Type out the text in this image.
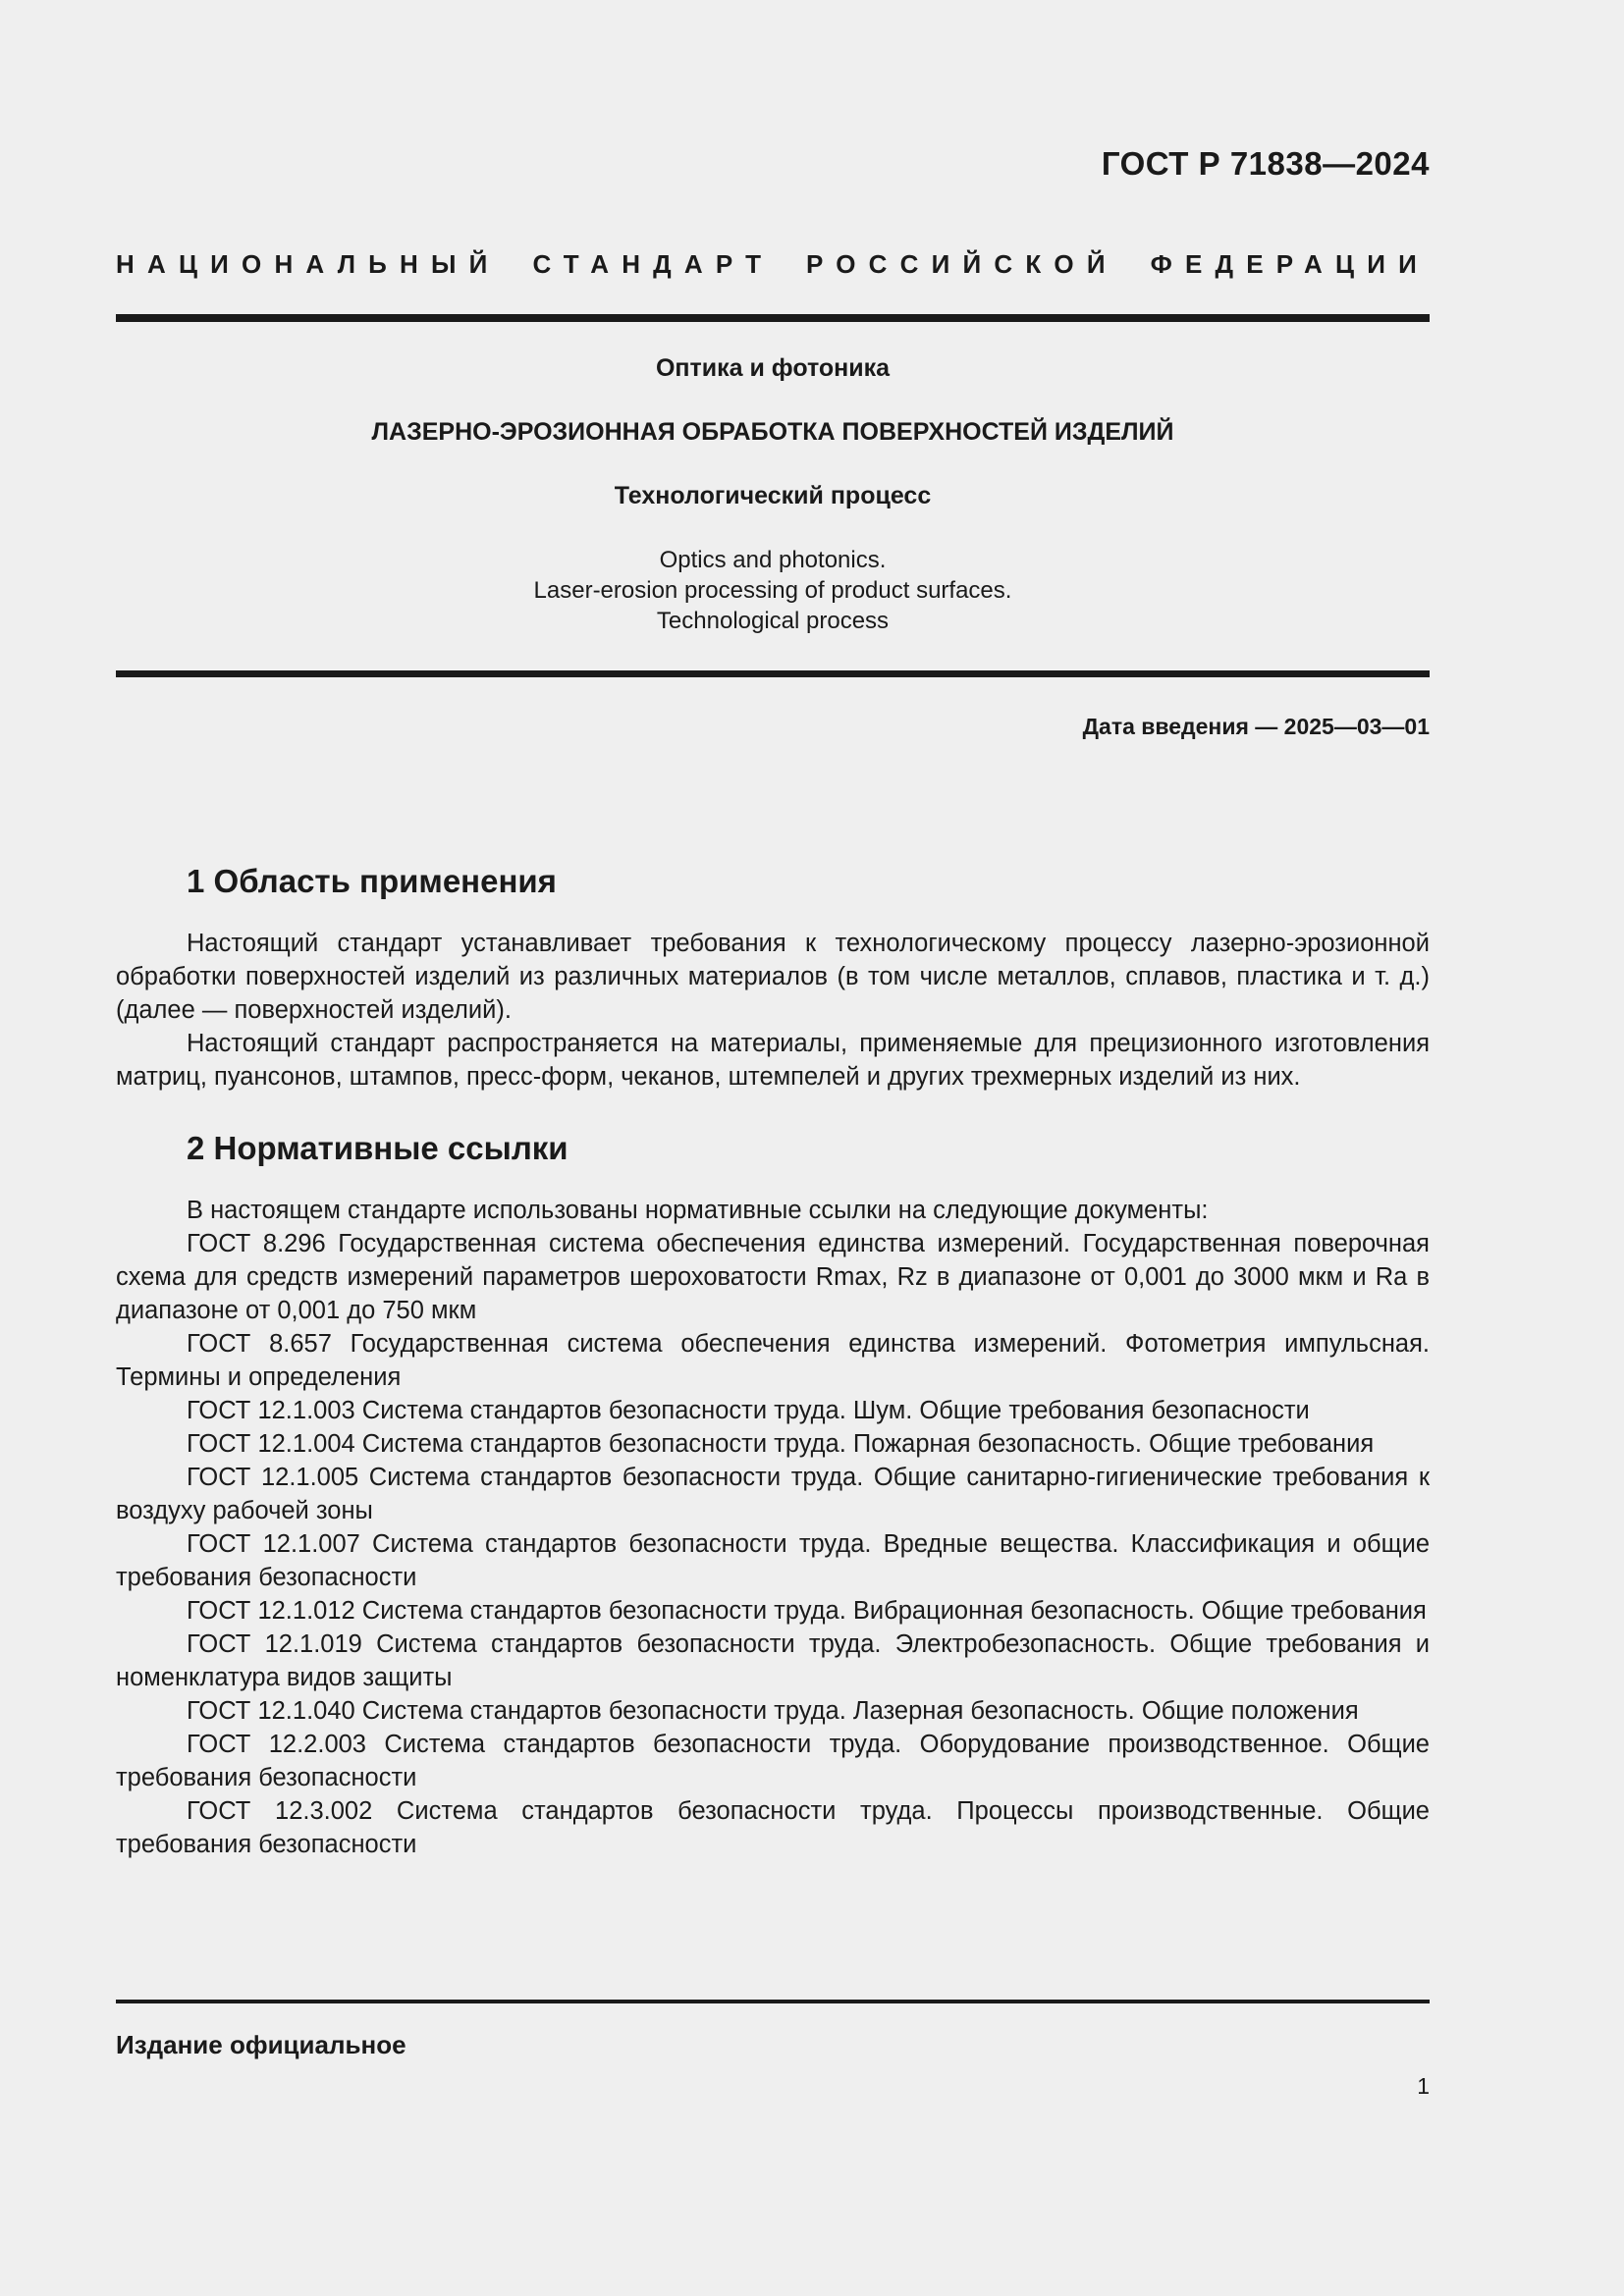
ГОСТ Р 71838—2024
НАЦИОНАЛЬНЫЙ СТАНДАРТ РОССИЙСКОЙ ФЕДЕРАЦИИ
Оптика и фотоника
ЛАЗЕРНО-ЭРОЗИОННАЯ ОБРАБОТКА ПОВЕРХНОСТЕЙ ИЗДЕЛИЙ
Технологический процесс
Optics and photonics.
Laser-erosion processing of product surfaces.
Technological process
Дата введения — 2025—03—01
1 Область применения

Настоящий стандарт устанавливает требования к технологическому процессу лазерно-эрозионной обработки поверхностей изделий из различных материалов (в том числе металлов, сплавов, пластика и т. д.) (далее — поверхностей изделий).

Настоящий стандарт распространяется на материалы, применяемые для прецизионного изготовления матриц, пуансонов, штампов, пресс-форм, чеканов, штемпелей и других трехмерных изделий из них.

2 Нормативные ссылки

В настоящем стандарте использованы нормативные ссылки на следующие документы:

ГОСТ 8.296 Государственная система обеспечения единства измерений. Государственная поверочная схема для средств измерений параметров шероховатости Rmax, Rz в диапазоне от 0,001 до 3000 мкм и Ra в диапазоне от 0,001 до 750 мкм

ГОСТ 8.657 Государственная система обеспечения единства измерений. Фотометрия импульсная. Термины и определения

ГОСТ 12.1.003 Система стандартов безопасности труда. Шум. Общие требования безопасности

ГОСТ 12.1.004 Система стандартов безопасности труда. Пожарная безопасность. Общие требования

ГОСТ 12.1.005 Система стандартов безопасности труда. Общие санитарно-гигиенические требования к воздуху рабочей зоны

ГОСТ 12.1.007 Система стандартов безопасности труда. Вредные вещества. Классификация и общие требования безопасности

ГОСТ 12.1.012 Система стандартов безопасности труда. Вибрационная безопасность. Общие требования

ГОСТ 12.1.019 Система стандартов безопасности труда. Электробезопасность. Общие требования и номенклатура видов защиты

ГОСТ 12.1.040 Система стандартов безопасности труда. Лазерная безопасность. Общие положения

ГОСТ 12.2.003 Система стандартов безопасности труда. Оборудование производственное. Общие требования безопасности

ГОСТ 12.3.002 Система стандартов безопасности труда. Процессы производственные. Общие требования безопасности

Издание официальное
1
